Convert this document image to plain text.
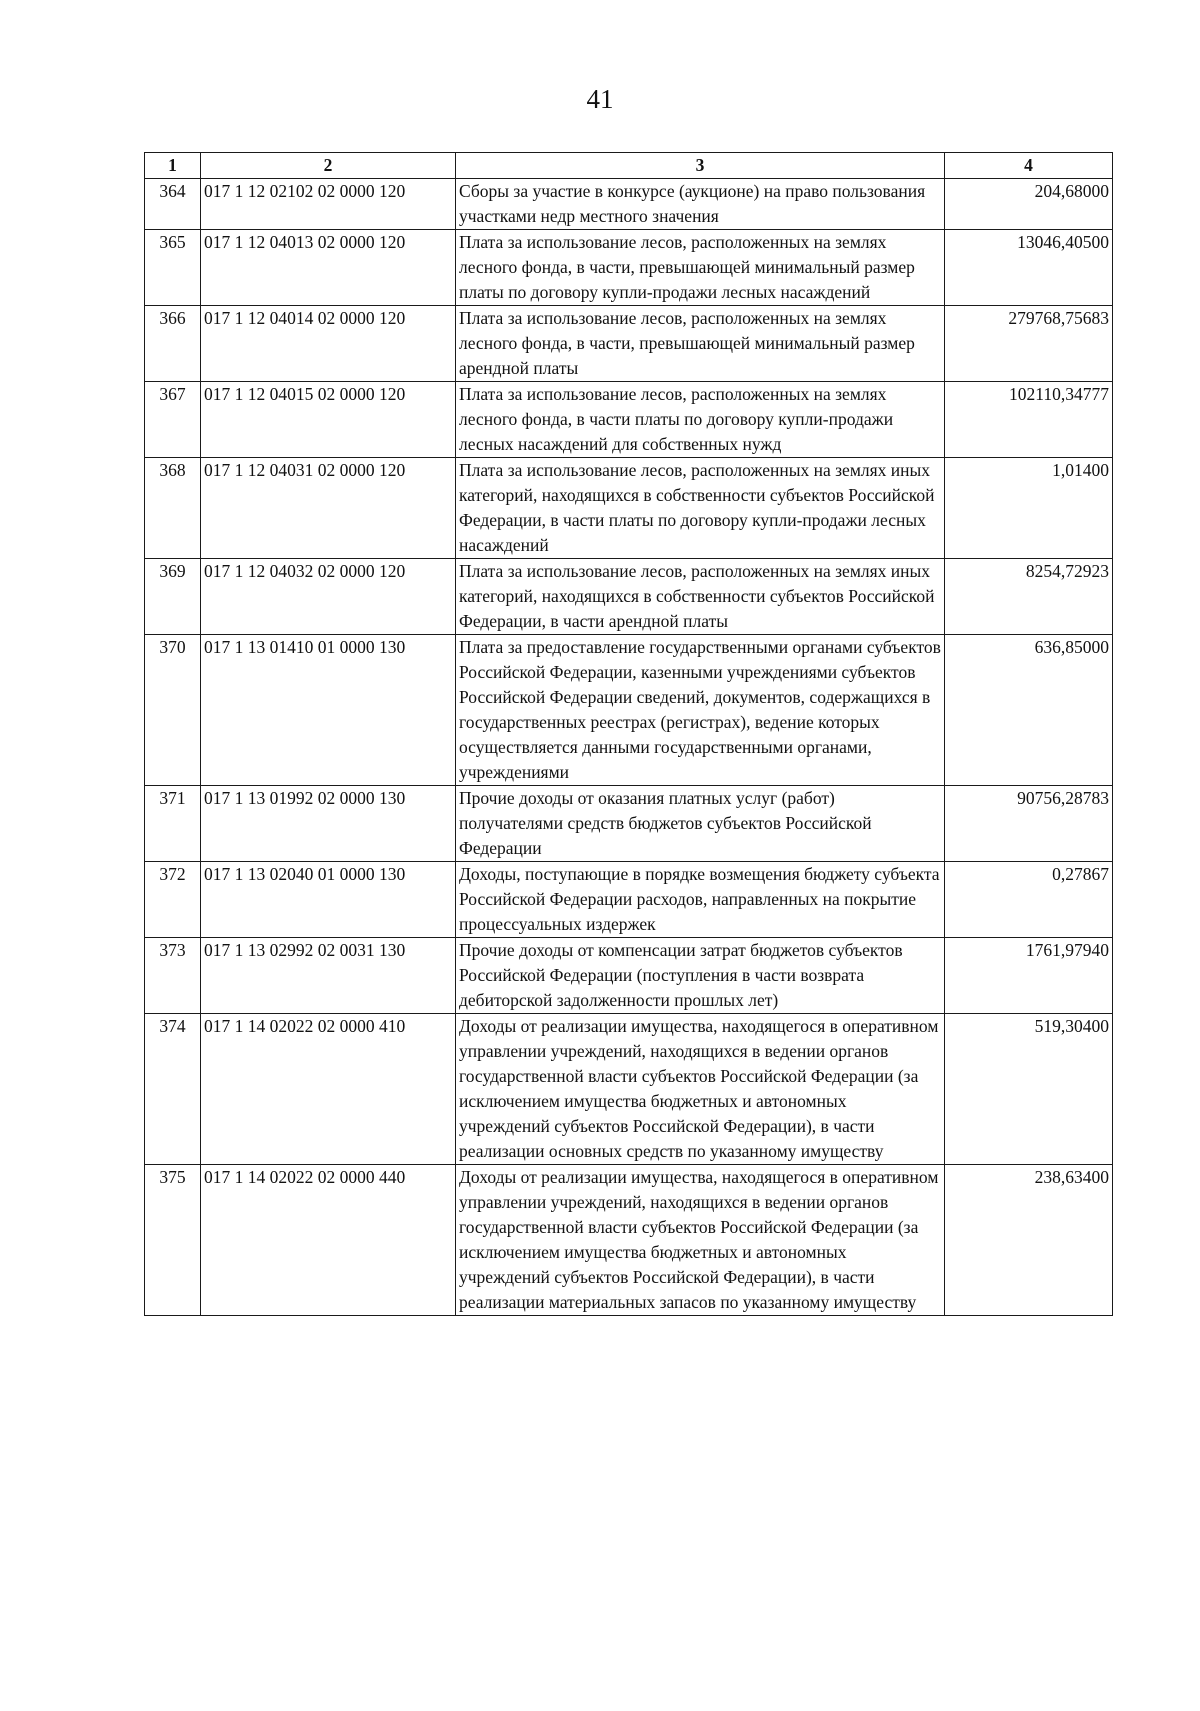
41
1	2	3	4
364	017 1 12 02102 02 0000 120	Сборы за участие в конкурсе (аукционе) на право пользования участками недр местного значения	204,68000
365	017 1 12 04013 02 0000 120	Плата за использование лесов, расположенных на землях лесного фонда, в части, превышающей минимальный размер платы по договору купли-продажи лесных насаждений	13046,40500
366	017 1 12 04014 02 0000 120	Плата за использование лесов, расположенных на землях лесного фонда, в части, превышающей минимальный размер арендной платы	279768,75683
367	017 1 12 04015 02 0000 120	Плата за использование лесов, расположенных на землях лесного фонда, в части платы по договору купли-продажи лесных насаждений для собственных нужд	102110,34777
368	017 1 12 04031 02 0000 120	Плата за использование лесов, расположенных на землях иных категорий, находящихся в собственности субъектов Российской Федерации, в части платы по договору купли-продажи лесных насаждений	1,01400
369	017 1 12 04032 02 0000 120	Плата за использование лесов, расположенных на землях иных категорий, находящихся в собственности субъектов Российской Федерации, в части арендной платы	8254,72923
370	017 1 13 01410 01 0000 130	Плата за предоставление государственными органами субъектов Российской Федерации, казенными учреждениями субъектов Российской Федерации сведений, документов, содержащихся в государственных реестрах (регистрах), ведение которых осуществляется данными государственными органами, учреждениями	636,85000
371	017 1 13 01992 02 0000 130	Прочие доходы от оказания платных услуг (работ) получателями средств бюджетов субъектов Российской Федерации	90756,28783
372	017 1 13 02040 01 0000 130	Доходы, поступающие в порядке возмещения бюджету субъекта Российской Федерации расходов, направленных на покрытие процессуальных издержек	0,27867
373	017 1 13 02992 02 0031 130	Прочие доходы от компенсации затрат бюджетов субъектов Российской Федерации (поступления в части возврата дебиторской задолженности прошлых лет)	1761,97940
374	017 1 14 02022 02 0000 410	Доходы от реализации имущества, находящегося в оперативном управлении учреждений, находящихся в ведении органов государственной власти субъектов Российской Федерации (за исключением имущества бюджетных и автономных учреждений субъектов Российской Федерации), в части реализации основных средств по указанному имуществу	519,30400
375	017 1 14 02022 02 0000 440	Доходы от реализации имущества, находящегося в оперативном управлении учреждений, находящихся в ведении органов государственной власти субъектов Российской Федерации (за исключением имущества бюджетных и автономных учреждений субъектов Российской Федерации), в части реализации материальных запасов по указанному имуществу	238,63400
